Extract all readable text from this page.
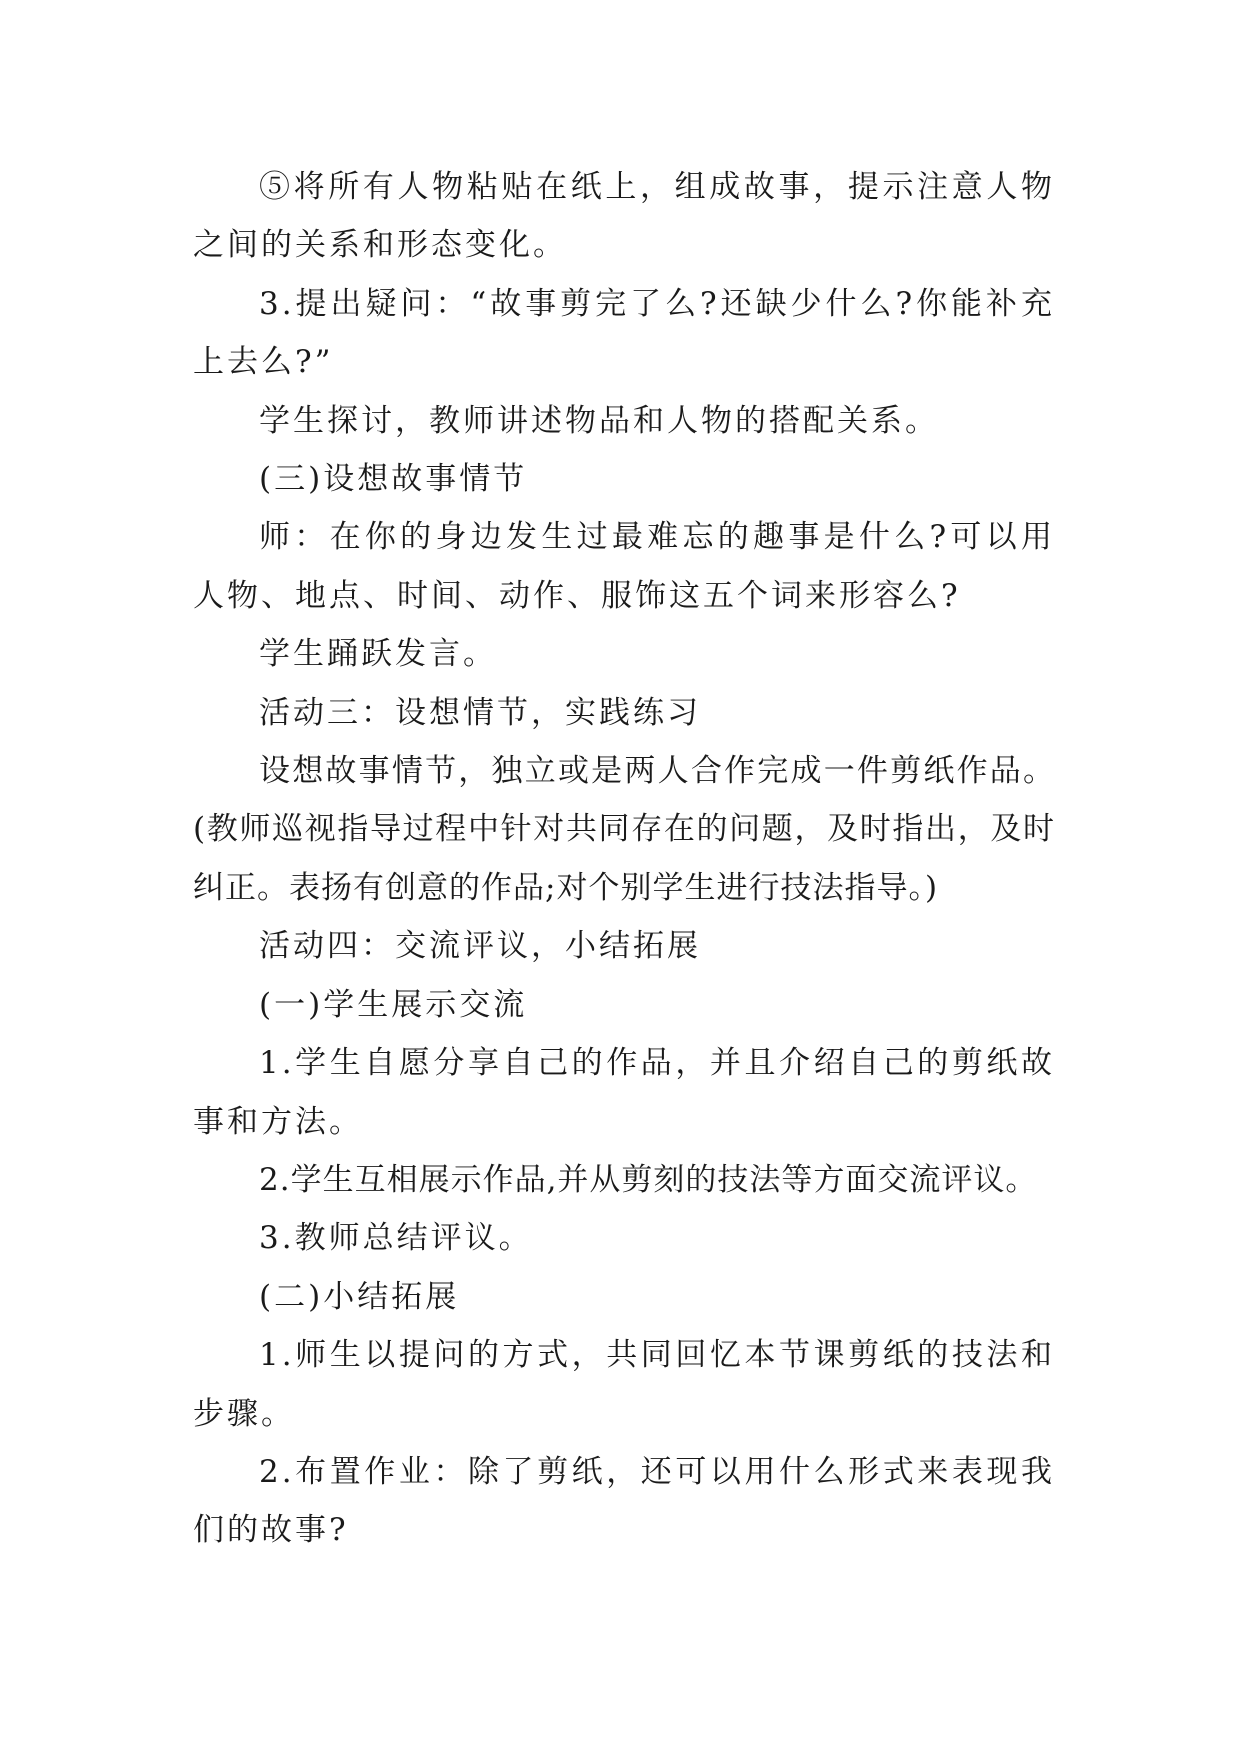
⑤将所有人物粘贴在纸上，组成故事，提示注意人物之间的关系和形态变化。

3.提出疑问：“故事剪完了么?还缺少什么?你能补充上去么?”

学生探讨，教师讲述物品和人物的搭配关系。

(三)设想故事情节

师：在你的身边发生过最难忘的趣事是什么?可以用人物、地点、时间、动作、服饰这五个词来形容么?

学生踊跃发言。

活动三：设想情节，实践练习

设想故事情节，独立或是两人合作完成一件剪纸作品。(教师巡视指导过程中针对共同存在的问题，及时指出，及时纠正。表扬有创意的作品;对个别学生进行技法指导。)

活动四：交流评议，小结拓展

(一)学生展示交流

1.学生自愿分享自己的作品，并且介绍自己的剪纸故事和方法。

2.学生互相展示作品,并从剪刻的技法等方面交流评议。

3.教师总结评议。

(二)小结拓展

1.师生以提问的方式，共同回忆本节课剪纸的技法和步骤。

2.布置作业：除了剪纸，还可以用什么形式来表现我们的故事?
